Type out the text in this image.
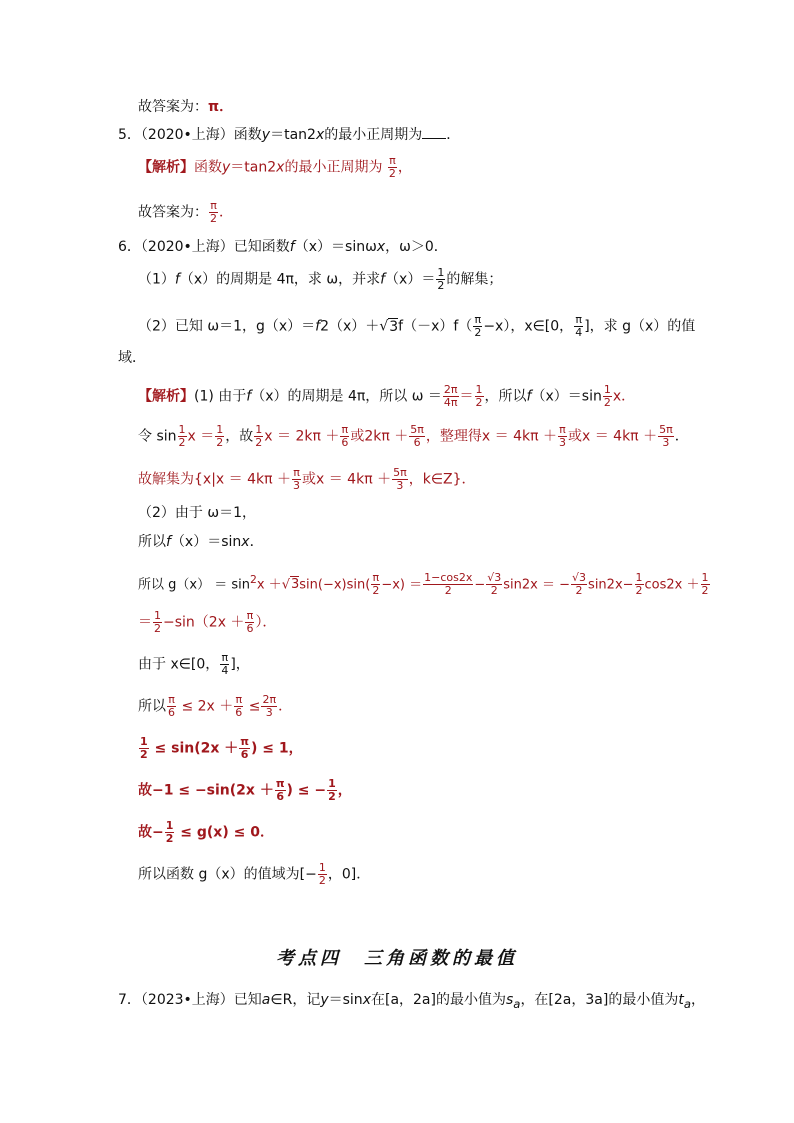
故答案为：π．
5．（2020•上海）函数y＝tan2x的最小正周期为 ．
【解析】函数y＝tan2x的最小正周期为 $\frac{\pi}{2}$ ，
故答案为： $\frac{\pi}{2}$ ．
6．（2020•上海）已知函数f（x）＝sinωx，ω＞0．
（1）f（x）的周期是 4π，求 ω，并求$f(x)= \frac{1}{2}$ 的解集；
（2）已知 ω＝1，$g(x)=f2(x)+√3f(-x)f( \frac{\pi}{2} -x)$，x∈[0， $\frac{\pi}{4}$ ]，求 g（x）的值
域．
【解析】(1) 由于f（x）的周期是 4π，所以 $\omega = \frac{2\pi}{4\pi} = \frac{1}{2}$ ，所以$f(x)=\sin \frac{1}{2}$ x．
令 $\sin \frac{1}{2}$ $x = \frac{1}{2}$ ，故 $\frac{1}{2}$ $x = 2k\pi + \frac{\pi}{6}$ 或$2k\pi + \frac{5\pi}{6}$ ，整理得$x = 4k\pi + \frac{\pi}{3}$ 或$x = 4k\pi + \frac{5\pi}{3}$ ．
故解集为{$x|x = 4k\pi + \frac{\pi}{3}$ 或$x = 4k\pi + \frac{5\pi}{3}$ ，k∈Z}．
（2）由于 ω＝1，
所以f（x）＝sinx．
所以 $g(x) = \sin^2x +√3\sin(-x)\sin( \frac{\pi}{2} -x) = \frac{1-\cos 2x}{2} - \frac{√3}{2} \sin 2x$ ＝ − $\frac{√3}{2} \sin 2x- \frac{1}{2} \cos 2x + \frac{1}{2}$
＝ $\frac{1}{2} -\sin(2x + \frac{\pi}{6}$ ）．
由于 x∈[0， $\frac{\pi}{4}$ ]，
所以 $\frac{\pi}{6} \le 2x + \frac{\pi}{6} \le \frac{2\pi}{3}$ ．
$\frac{1}{2} \le \sin(2x + \frac{\pi}{6}$ ) ≤ 1，
故$-1 \le -\sin(2x + \frac{\pi}{6}$ ) ≤ − $\frac{1}{2}$ ，
故− $\frac{1}{2} \le g(x) \le 0$．
所以函数 g（x）的值域为[− $\frac{1}{2}$ ，0]．
考点四　三角函数的最值
7．（2023•上海）已知a∈R，记y＝sinx在[a，2a]的最小值为$s_a$，在[2a，3a]的最小值为$t_a$，
